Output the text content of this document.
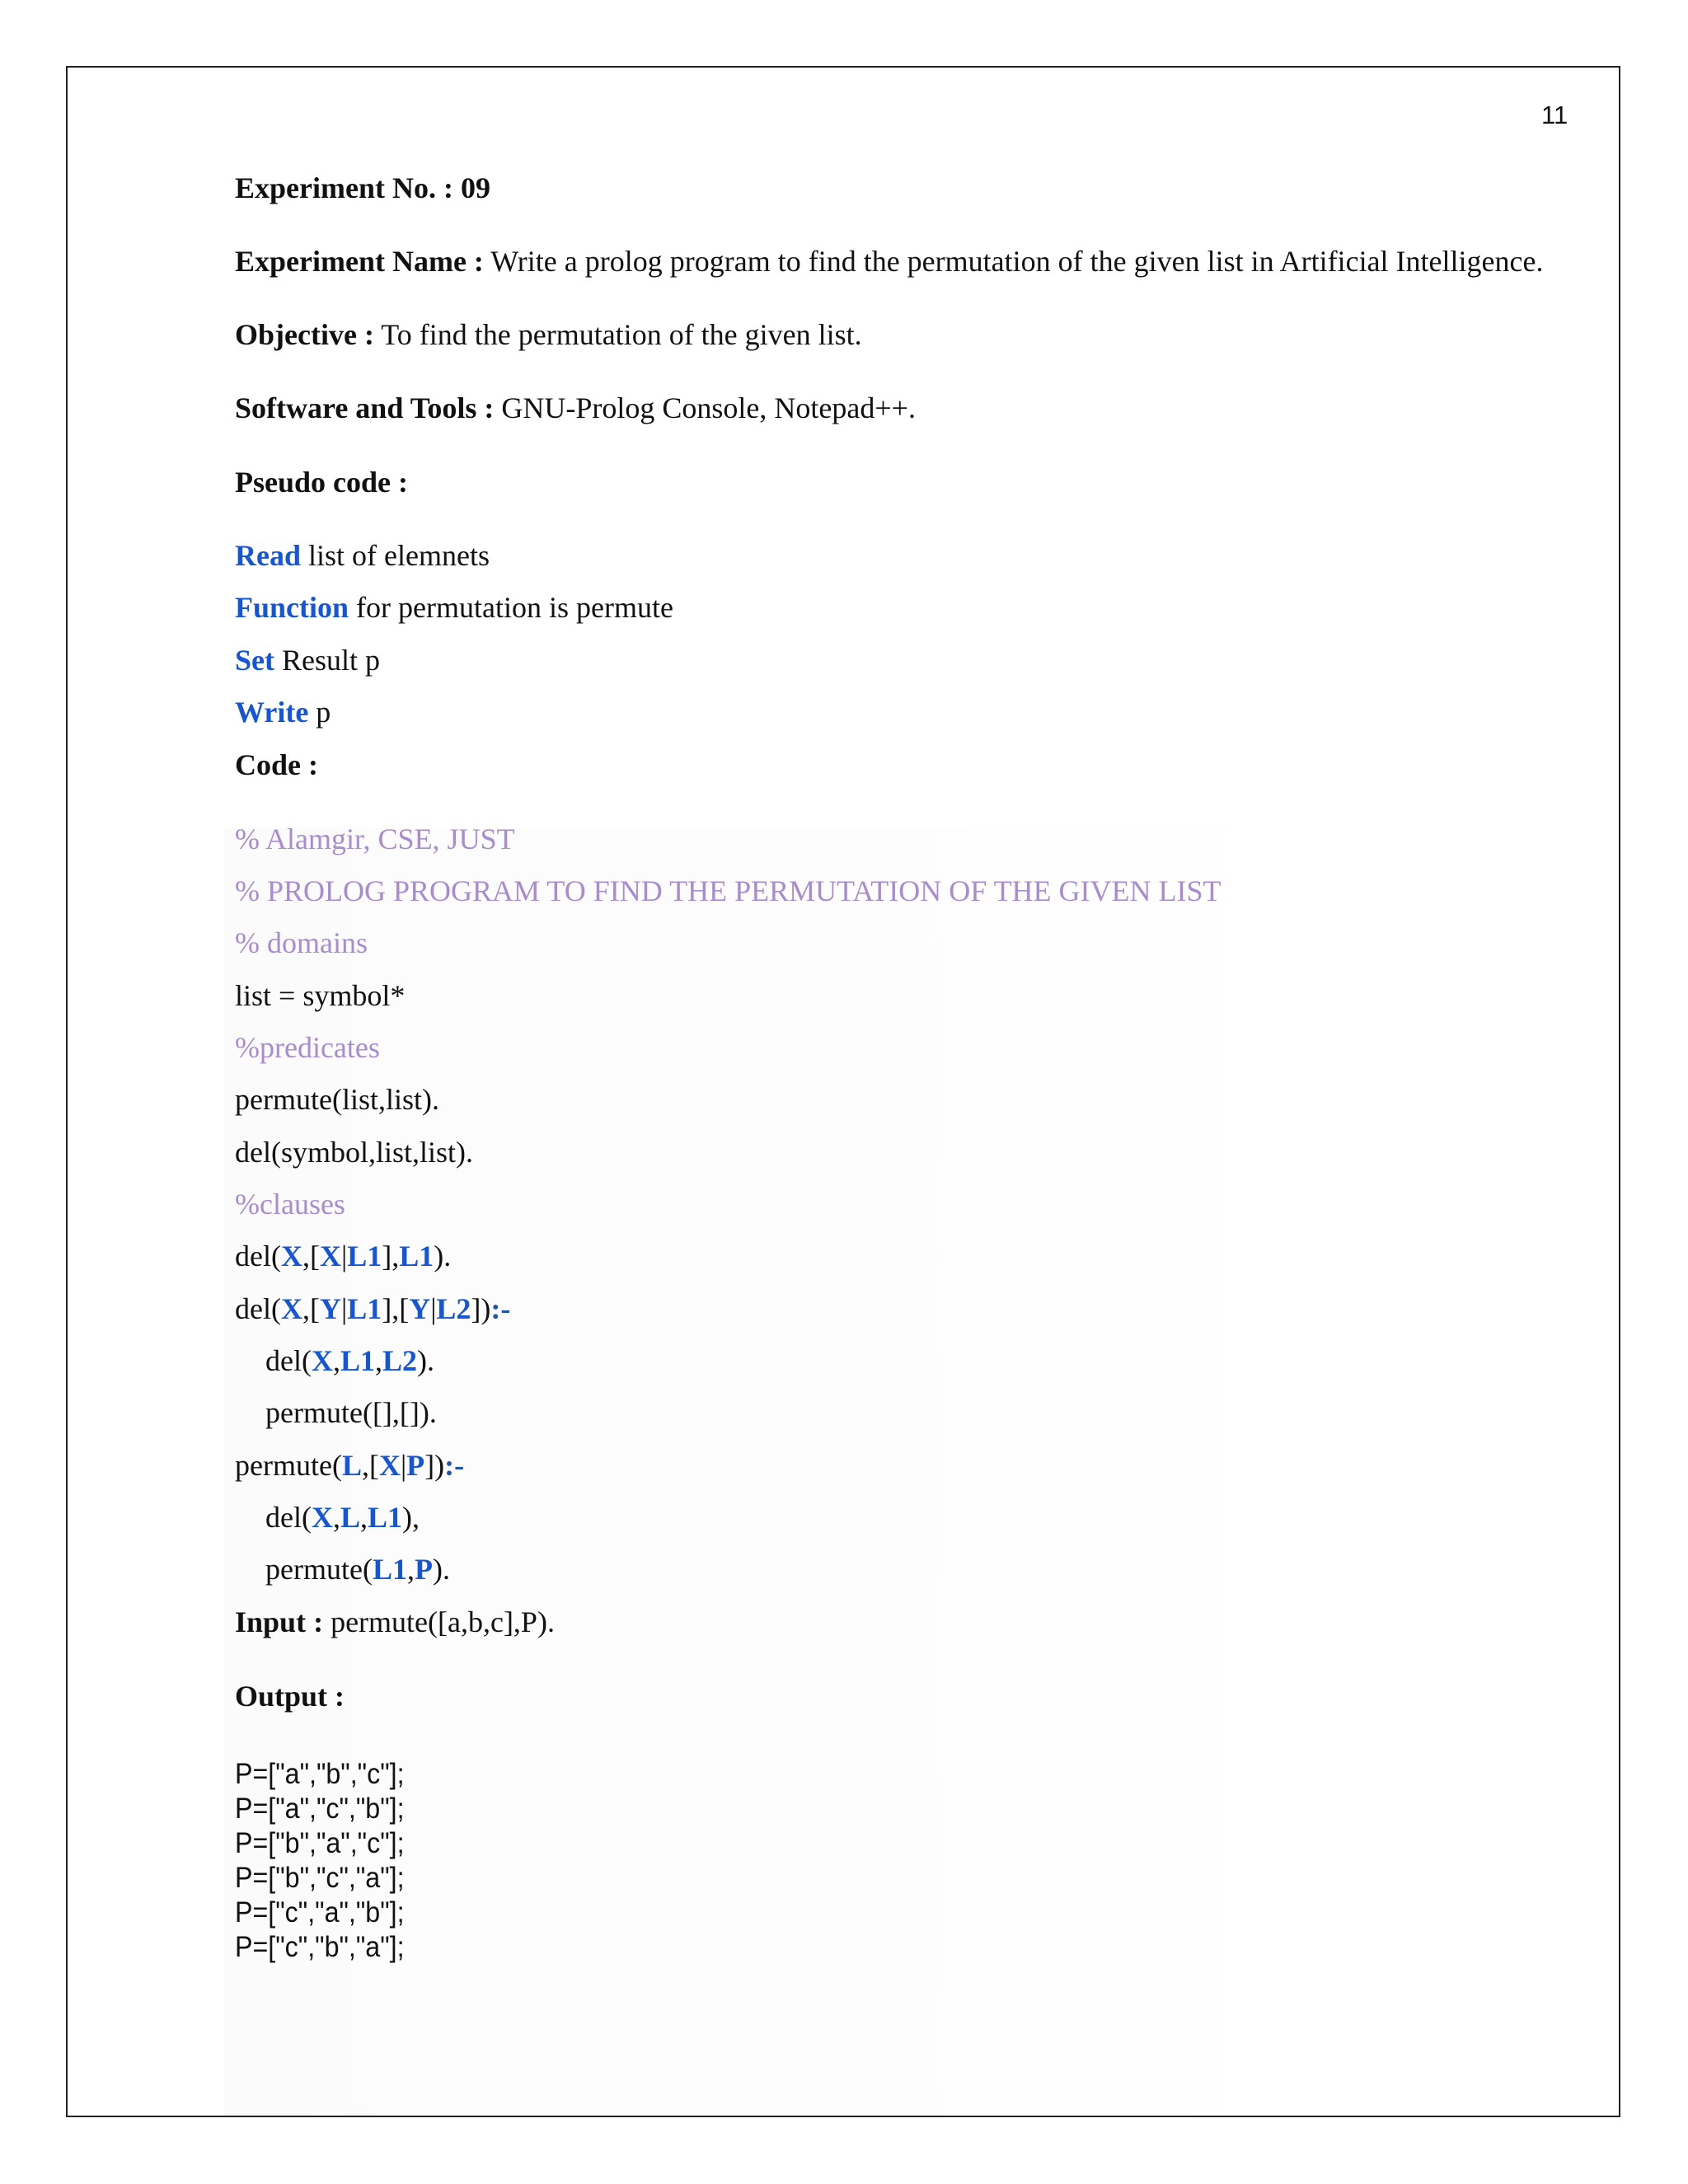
11
Experiment No. : 09
Experiment Name : Write a prolog program to find the permutation of the given list in Artificial Intelligence.
Objective : To find the permutation of the given list.
Software and Tools : GNU-Prolog Console, Notepad++.
Pseudo code :
Read list of elemnets
Function for permutation is permute
Set Result p
Write p
Code :
% Alamgir, CSE, JUST
% PROLOG PROGRAM TO FIND THE PERMUTATION OF THE GIVEN LIST
% domains
list = symbol*
%predicates
permute(list,list).
del(symbol,list,list).
%clauses
del(X,[X|L1],L1).
del(X,[Y|L1],[Y|L2]):-
del(X,L1,L2).
permute([],[]).
permute(L,[X|P]):-
del(X,L,L1),
permute(L1,P).
Input : permute([a,b,c],P).
Output :
P=["a","b","c"];
P=["a","c","b"];
P=["b","a","c"];
P=["b","c","a"];
P=["c","a","b"];
P=["c","b","a"];
